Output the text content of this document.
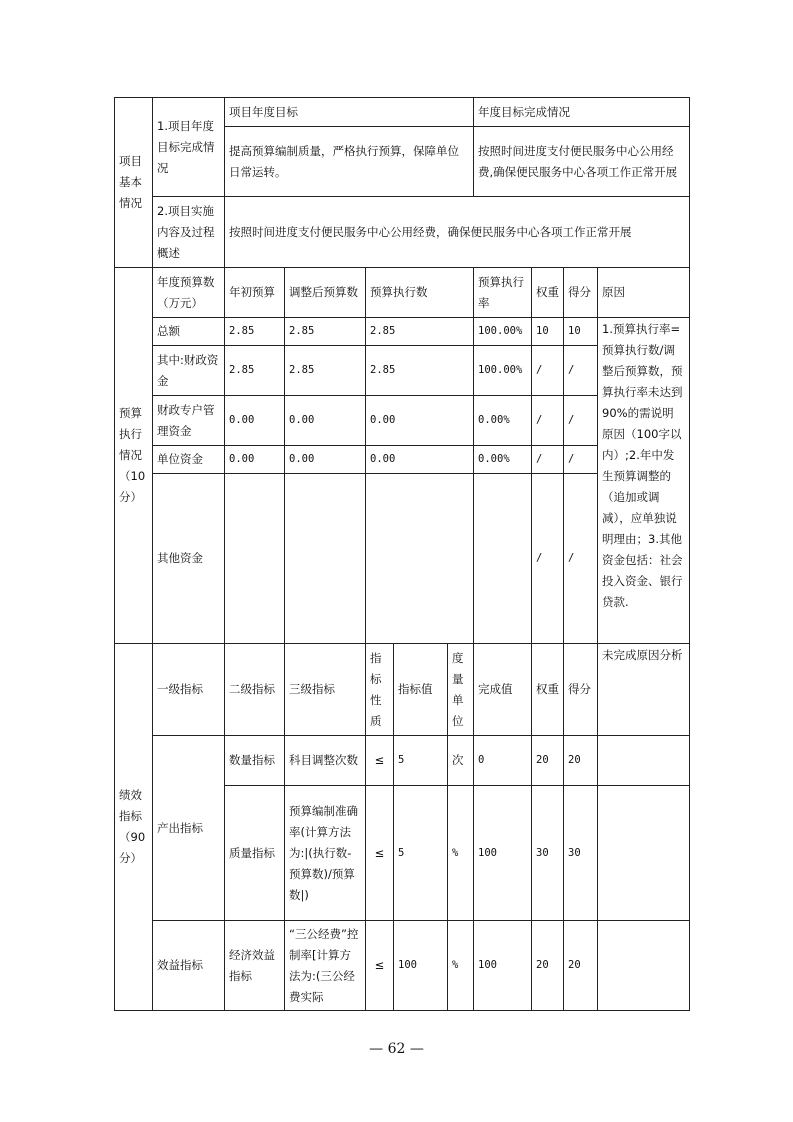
项目基本情况	1.项目年度目标完成情况	项目年度目标					年度目标完成情况			
		提高预算编制质量，严格执行预算，保障单位日常运转。					按照时间进度支付便民服务中心公用经费,确保便民服务中心各项工作正常开展			
	2.项目实施内容及过程概述	按照时间进度支付便民服务中心公用经费，确保便民服务中心各项工作正常开展								
预算执行情况（10分）	年度预算数（万元）	年初预算	调整后预算数	预算执行数			预算执行率	权重	得分	原因
	总额	2.85	2.85	2.85			100.00%	10	10	1.预算执行率=预算执行数/调整后预算数，预算执行率未达到90%的需说明原因（100字以内）;2.年中发生预算调整的（追加或调减），应单独说明理由；3.其他资金包括：社会投入资金、银行贷款.
	其中:财政资金	2.85	2.85	2.85			100.00%	/	/	
	财政专户管理资金	0.00	0.00	0.00			0.00%	/	/	
	单位资金	0.00	0.00	0.00			0.00%	/	/	
	其他资金							/	/	
绩效指标（90分）	一级指标	二级指标	三级指标	指标性质	指标值	度量单位	完成值	权重	得分	未完成原因分析
	产出指标	数量指标	科目调整次数	≤	5	次	0	20	20	
		质量指标	预算编制准确率(计算方法为:|(执行数-预算数)/预算数|)	≤	5	%	100	30	30	
	效益指标	经济效益指标	“三公经费”控制率[计算方法为:(三公经费实际	≤	100	%	100	20	20	
— 62 —
